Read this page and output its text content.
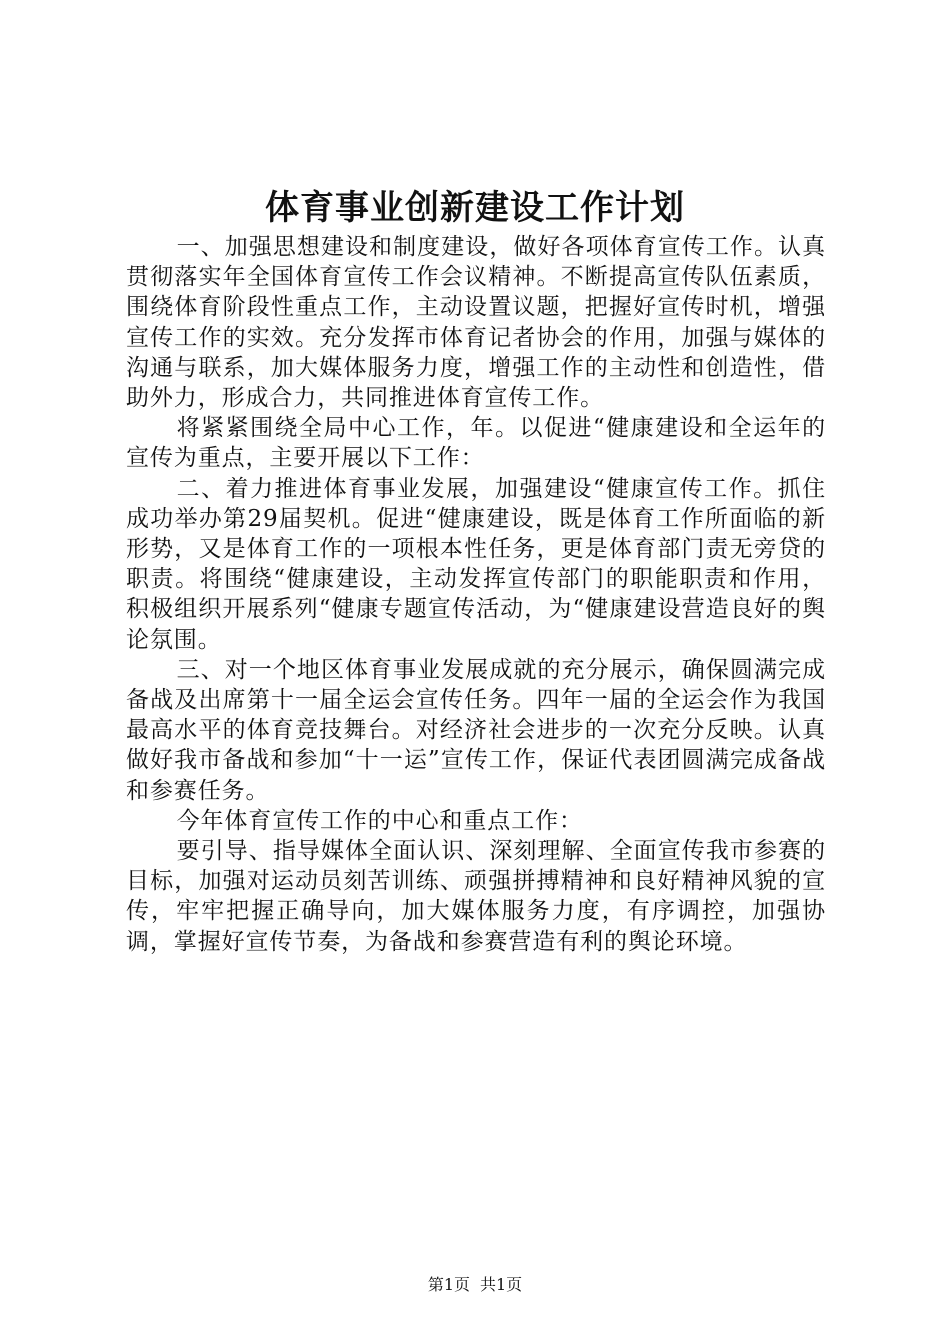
体育事业创新建设工作计划

一、加强思想建设和制度建设，做好各项体育宣传工作。认真贯彻落实年全国体育宣传工作会议精神。不断提高宣传队伍素质，围绕体育阶段性重点工作，主动设置议题，把握好宣传时机，增强宣传工作的实效。充分发挥市体育记者协会的作用，加强与媒体的沟通与联系，加大媒体服务力度，增强工作的主动性和创造性，借助外力，形成合力，共同推进体育宣传工作。

将紧紧围绕全局中心工作，年。以促进“健康建设和全运年的宣传为重点，主要开展以下工作：

二、着力推进体育事业发展，加强建设“健康宣传工作。抓住成功举办第29届契机。促进“健康建设，既是体育工作所面临的新形势，又是体育工作的一项根本性任务，更是体育部门责无旁贷的职责。将围绕“健康建设，主动发挥宣传部门的职能职责和作用，积极组织开展系列“健康专题宣传活动，为“健康建设营造良好的舆论氛围。

三、对一个地区体育事业发展成就的充分展示，确保圆满完成备战及出席第十一届全运会宣传任务。四年一届的全运会作为我国最高水平的体育竞技舞台。对经济社会进步的一次充分反映。认真做好我市备战和参加“十一运”宣传工作，保证代表团圆满完成备战和参赛任务。

今年体育宣传工作的中心和重点工作：

要引导、指导媒体全面认识、深刻理解、全面宣传我市参赛的目标，加强对运动员刻苦训练、顽强拼搏精神和良好精神风貌的宣传，牢牢把握正确导向，加大媒体服务力度，有序调控，加强协调，掌握好宣传节奏，为备战和参赛营造有利的舆论环境。

第1页 共1页
